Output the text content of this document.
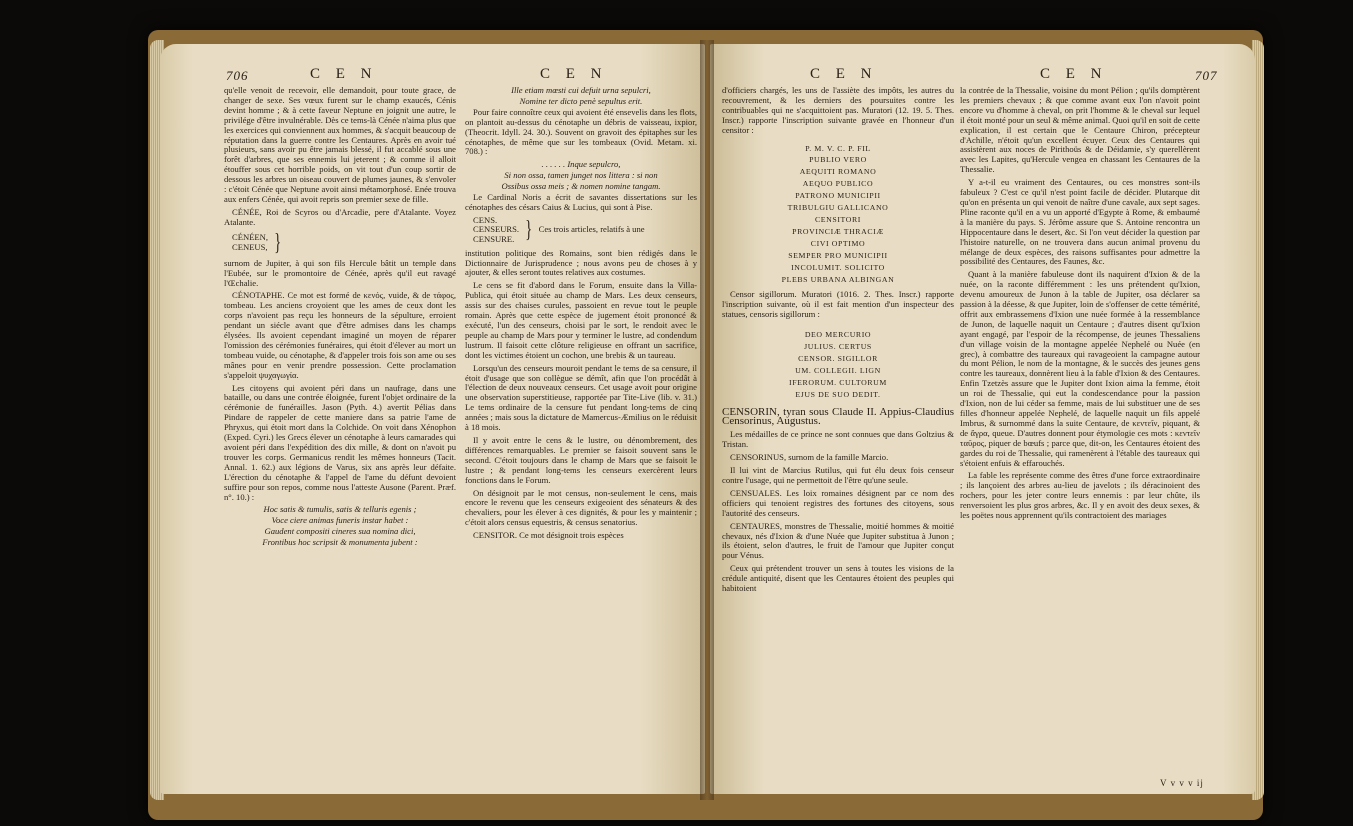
706	C E N	C E N

qu'elle venoit de recevoir, elle demandoit, pour toute grace, de changer de sexe. Ses vœux furent sur le champ exaucés, Cénis devint homme ; & à cette faveur Neptune en joignit une autre, le privilége d'être invulnérable. Dès ce tems-là Cénée n'aima plus que les exercices qui conviennent aux hommes, & s'acquit beaucoup de réputation dans la guerre contre les Centaures. Après en avoir tué plusieurs, sans avoir pu être jamais blessé, il fut accablé sous une forêt d'arbres, que ses ennemis lui jeterent ; & comme il alloit étouffer sous cet horrible poids, on vit tout d'un coup sortir de dessous les arbres un oiseau couvert de plumes jaunes, & s'envoler : c'étoit Cénée que Neptune avoit ainsi métamorphosé. Enée trouva aux enfers Cénée, qui avoit repris son premier sexe de fille.

CÉNÉE, Roi de Scyros ou d'Arcadie, pere d'Atalante. Voyez Atalante.

CÉNÉEN,
CENEUS, }

surnom de Jupiter, à qui son fils Hercule bâtit un temple dans l'Eubée, sur le promontoire de Cénée, après qu'il eut ravagé l'Œchalie.

CÉNOTAPHE. Ce mot est formé de κενός, vuide, & de τάφος, tombeau. Les anciens croyoient que les ames de ceux dont les corps n'avoient pas reçu les honneurs de la sépulture, erroient pendant un siécle avant que d'être admises dans les champs élysées. Ils avoient cependant imaginé un moyen de réparer l'omission des cérémonies funéraires, qui étoit d'élever au mort un tombeau vuide, ou cénotaphe, & d'appeler trois fois son ame ou ses mânes pour en venir prendre possession. Cette proclamation s'appeloit ψυχαγωγία.

Les citoyens qui avoient péri dans un naufrage, dans une bataille, ou dans une contrée éloignée, furent l'objet ordinaire de la cérémonie de funérailles. Jason (Pyth. 4.) avertit Pélias dans Pindare de rappeler de cette maniere dans sa patrie l'ame de Phryxus, qui étoit mort dans la Colchide. On voit dans Xénophon (Exped. Cyri.) les Grecs élever un cénotaphe à leurs camarades qui avoient péri dans l'expédition des dix mille, & dont on n'avoit pu trouver les corps. Germanicus rendit les mêmes honneurs (Tacit. Annal. 1. 62.) aux légions de Varus, six ans après leur défaite. L'érection du cénotaphe & l'appel de l'ame du défunt devoient suffire pour son repos, comme nous l'atteste Ausone (Parent. Præf. n°. 10.) :

Hoc satis & tumulis, satis & telluris egenis ;

Voce ciere animas funeris instar habet :

Gaudent compositi cineres sua nomina dici,

Frontibus hoc scripsit & monumenta jubent :

Ille etiam mœsti cui defuit urna sepulcri,

Nomine ter dicto penè sepultus erit.

Pour faire connoître ceux qui avoient été ensevelis dans les flots, on plantoit au-dessus du cénotaphe un débris de vaisseau, ixpior, (Theocrit. Idyll. 24. 30.). Souvent on gravoit des épitaphes sur les cénotaphes, de même que sur les tombeaux (Ovid. Metam. xi. 708.) :

. . . . . . Inque sepulcro,

Si non ossa, tamen junget nos littera : si non

Ossibus ossa meis ; & nomen nomine tangam.

Le Cardinal Noris a écrit de savantes dissertations sur les cénotaphes des césars Caius & Lucius, qui sont à Pise.

CENS.
CENSEURS.
CENSURE. } Ces trois articles, relatifs à une

institution politique des Romains, sont bien rédigés dans le Dictionnaire de Jurisprudence ; nous avons peu de choses à y ajouter, & elles seront toutes relatives aux costumes.

Le cens se fit d'abord dans le Forum, ensuite dans la Villa-Publica, qui étoit située au champ de Mars. Les deux censeurs, assis sur des chaises curules, passoient en revue tout le peuple romain. Après que cette espèce de jugement étoit prononcé & exécuté, l'un des censeurs, choisi par le sort, le rendoit avec le peuple au champ de Mars pour y terminer le lustre, ad condendum lustrum. Il faisoit cette clôture religieuse en offrant un sacrifice, dont les victimes étoient un cochon, une brebis & un taureau.

Lorsqu'un des censeurs mouroit pendant le tems de sa censure, il étoit d'usage que son collègue se démît, afin que l'on procédât à l'élection de deux nouveaux censeurs. Cet usage avoit pour origine une observation superstitieuse, rapportée par Tite-Live (lib. v. 31.) Le tems ordinaire de la censure fut pendant long-tems de cinq années ; mais sous la dictature de Mamercus-Æmilius on le réduisit à 18 mois.

Il y avoit entre le cens & le lustre, ou dénombrement, des différences remarquables. Le premier se faisoit souvent sans le second. C'étoit toujours dans le champ de Mars que se faisoit le lustre ; & pendant long-tems les censeurs exercèrent leurs fonctions dans le Forum.

On désignoit par le mot census, non-seulement le cens, mais encore le revenu que les censeurs exigeoient des sénateurs & des chevaliers, pour les élever à ces dignités, & pour les y maintenir ; c'étoit alors census equestris, & census senatorius.

CENSITOR. Ce mot désignoit trois espèces

C E N	C E N	707

d'officiers chargés, les uns de l'assiète des impôts, les autres du recouvrement, & les derniers des poursuites contre les contribuables qui ne s'acquittoient pas. Muratori (12. 19. 5. Thes. Inscr.) rapporte l'inscription suivante gravée en l'honneur d'un censitor :

P. M. V. C. P. FIL

PUBLIO VERO

AEQUITI ROMANO

AEQUO PUBLICO

PATRONO MUNICIPII

TRIBULGIU GALLICANO

CENSITORI

PROVINCIÆ THRACIÆ

CIVI OPTIMO

SEMPER PRO MUNICIPII

INCOLUMIT. SOLICITO

PLEBS URBANA ALBINGAN

Censor sigillorum. Muratori (1016. 2. Thes. Inscr.) rapporte l'inscription suivante, où il est fait mention d'un inspecteur des statues, censoris sigillorum :

DEO MERCURIO

JULIUS. CERTUS

CENSOR. SIGILLOR

UM. COLLEGII. LIGN

IFERORUM. CULTORUM

EJUS DE SUO DEDIT.

CENSORIN, tyran sous Claude II. Appius-Claudius Censorinus, Augustus.

Les médailles de ce prince ne sont connues que dans Goltzius & Tristan.

CENSORINUS, surnom de la famille Marcio.

Il lui vint de Marcius Rutilus, qui fut élu deux fois censeur contre l'usage, qui ne permettoit de l'être qu'une seule.

CENSUALES. Les loix romaines désignent par ce nom des officiers qui tenoient registres des fortunes des citoyens, sous l'autorité des censeurs.

CENTAURES, monstres de Thessalie, moitié hommes & moitié chevaux, nés d'Ixion & d'une Nuée que Jupiter substitua à Junon ; ils étoient, selon d'autres, le fruit de l'amour que Jupiter conçut pour Vénus.

Ceux qui prétendent trouver un sens à toutes les visions de la crédule antiquité, disent que les Centaures étoient des peuples qui habitoient

la contrée de la Thessalie, voisine du mont Pélion ; qu'ils domptèrent les premiers chevaux ; & que comme avant eux l'on n'avoit point encore vu d'homme à cheval, on prit l'homme & le cheval sur lequel il étoit monté pour un seul & même animal. Quoi qu'il en soit de cette explication, il est certain que le Centaure Chiron, précepteur d'Achille, n'étoit qu'un excellent écuyer. Ceux des Centaures qui assistèrent aux noces de Pirithoüs & de Déidamie, s'y querellèrent avec les Lapites, qu'Hercule vengea en chassant les Centaures de la Thessalie.

Y a-t-il eu vraiment des Centaures, ou ces monstres sont-ils fabuleux ? C'est ce qu'il n'est point facile de décider. Plutarque dit qu'on en présenta un qui venoit de naître d'une cavale, aux sept sages. Pline raconte qu'il en a vu un apporté d'Egypte à Rome, & embaumé à la manière du pays. S. Jérôme assure que S. Antoine rencontra un Hippocentaure dans le desert, &c. Si l'on veut décider la question par l'histoire naturelle, on ne trouvera dans aucun animal provenu du mélange de deux espèces, des raisons suffisantes pour admettre la possibilité des Centaures, des Faunes, &c.

Quant à la manière fabuleuse dont ils naquirent d'Ixion & de la nuée, on la raconte différemment : les uns prétendent qu'Ixion, devenu amoureux de Junon à la table de Jupiter, osa déclarer sa passion à la déesse, & que Jupiter, loin de s'offenser de cette témérité, offrit aux embrassemens d'Ixion une nuée formée à la ressemblance de Junon, de laquelle naquit un Centaure ; d'autres disent qu'Ixion ayant engagé, par l'espoir de la récompense, de jeunes Thessaliens d'un village voisin de la montagne appelée Nephelé ou Nuée (en grec), à combattre des taureaux qui ravageoient la campagne autour du mont Pélion, le nom de la montagne, & le succès des jeunes gens contre les taureaux, donnèrent lieu à la fable d'Ixion & des Centaures. Enfin Tzetzès assure que le Jupiter dont Ixion aima la femme, étoit un roi de Thessalie, qui eut la condescendance pour la passion d'Ixion, non de lui céder sa femme, mais de lui substituer une de ses filles d'honneur appelée Nephelé, de laquelle naquit un fils appelé Imbrus, & surnommé dans la suite Centaure, de κεντεῖν, piquant, & de ἄγρα, queue. D'autres donnent pour étymologie ces mots : κεντεῖν ταῦρος, piquer de bœufs ; parce que, dit-on, les Centaures étoient des gardes du roi de Thessalie, qui ramenèrent à l'étable des taureaux qui s'étoient enfuis & effarouchés.

La fable les représente comme des êtres d'une force extraordinaire ; ils lançoient des arbres au-lieu de javelots ; ils déracinoient des rochers, pour les jeter contre leurs ennemis : par leur chûte, ils renversoient les plus gros arbres, &c. Il y en avoit des deux sexes, & les poëtes nous apprennent qu'ils contractoient des mariages

V v v v ij
